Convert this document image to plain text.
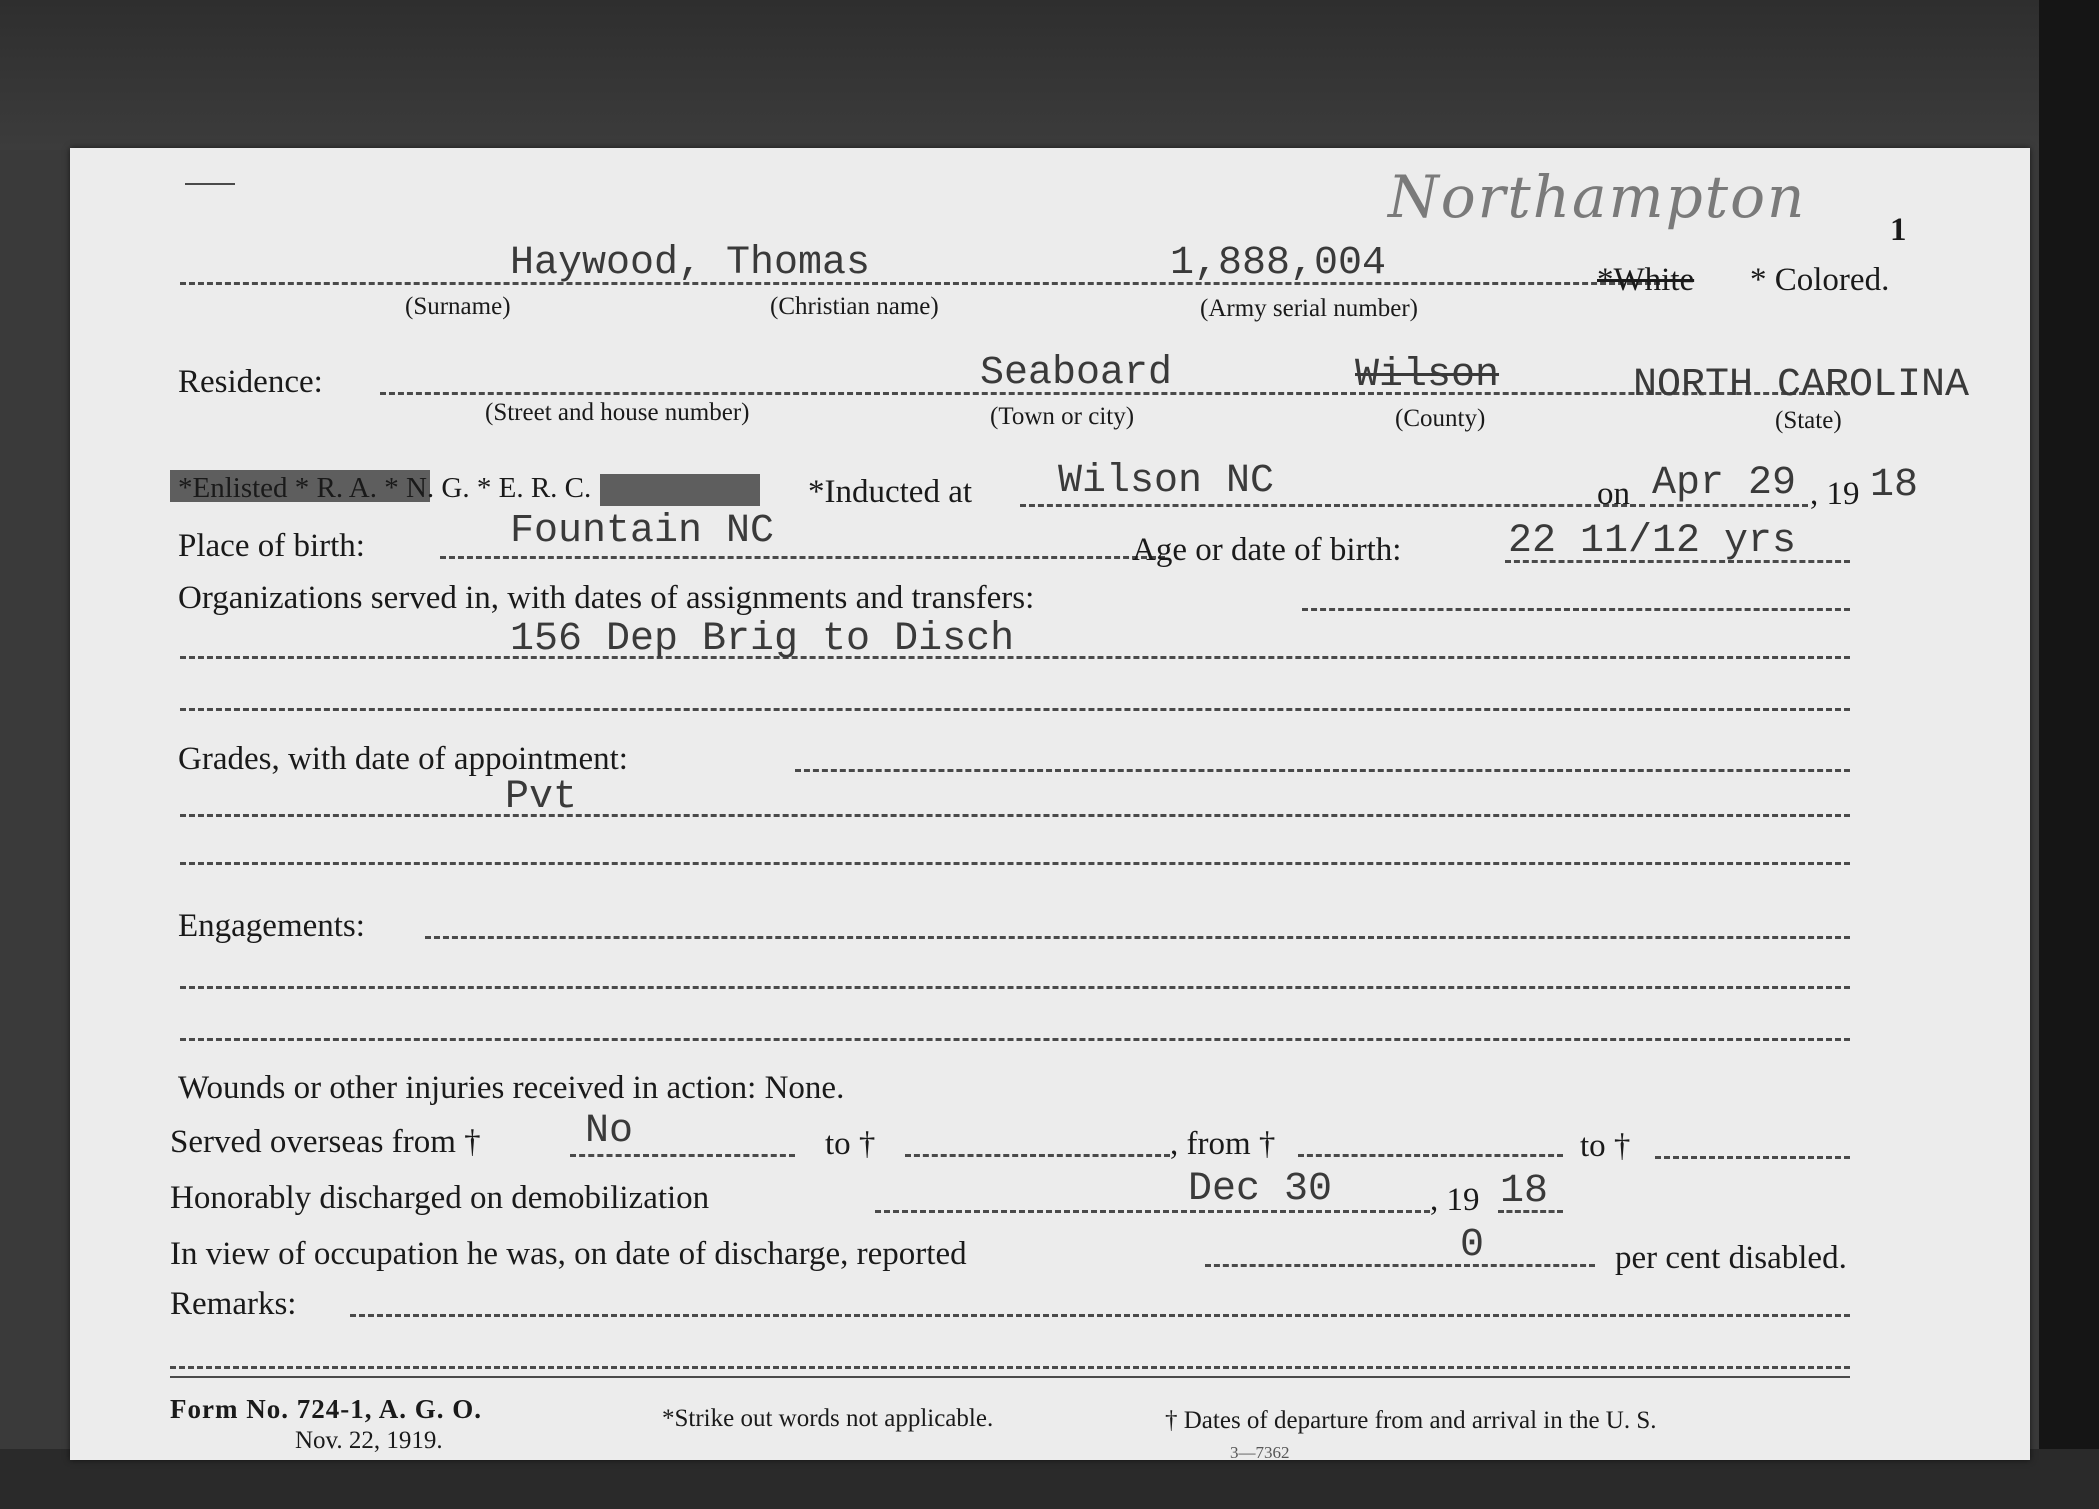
Northampton	1
Haywood, Thomas	1,888,004	*White * Colored.
(Surname)	(Christian name)	(Army serial number)
Residence:	Seaboard	Wilson	NORTH CAROLINA
(Street and house number)	(Town or city)	(County)	(State)
*Enlisted * R. A. * N. G. * E. R. C.	*Inducted at Wilson NC	on Apr 29 , 19 18
Place of birth:	Fountain NC	Age or date of birth:	22 11/12 yrs
Organizations served in, with dates of assignments and transfers:
156 Dep Brig to Disch
Grades, with date of appointment:
Pvt
Engagements:
Wounds or other injuries received in action: None.
Served overseas from †	No	to †	, from †	to †
Honorably discharged on demobilization	Dec 30	, 19 18
In view of occupation he was, on date of discharge, reported	0	per cent disabled.
Remarks:
Form No. 724-1, A. G. O.
Nov. 22, 1919.
*Strike out words not applicable.	† Dates of departure from and arrival in the U. S.
3—7362
